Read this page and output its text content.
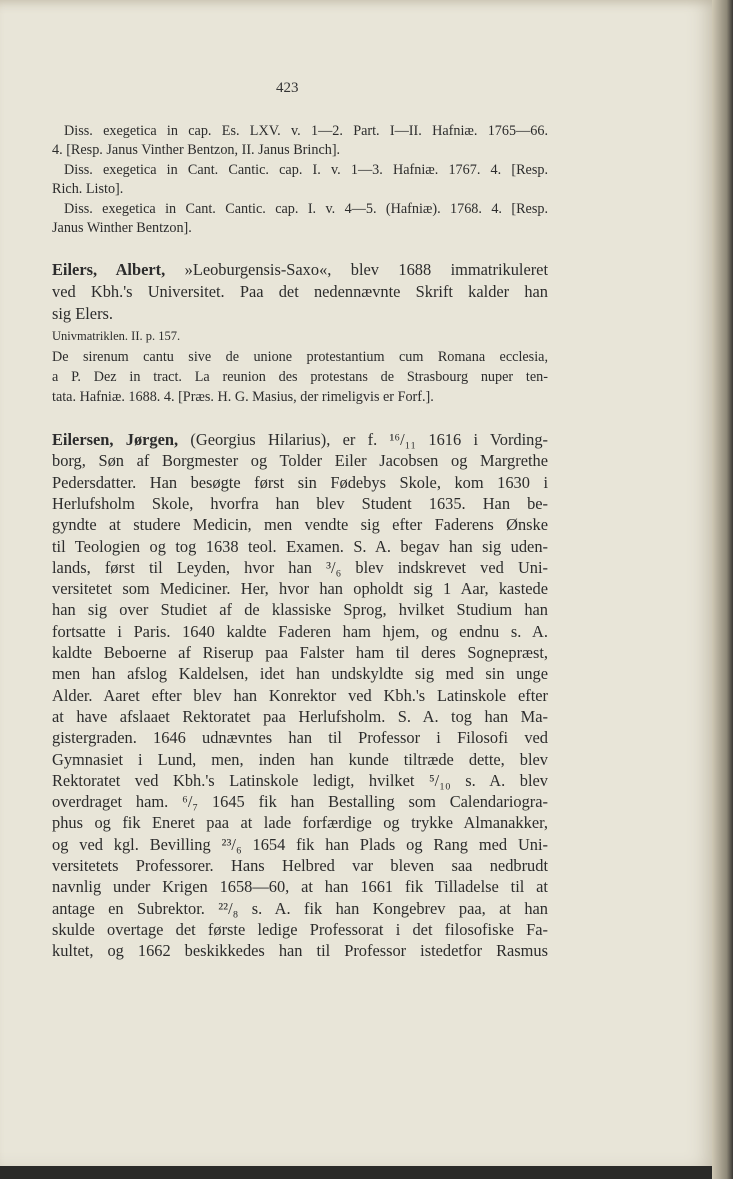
423
Diss. exegetica in cap. Es. LXV. v. 1—2. Part. I—II. Hafniæ. 1765—66.
4. [Resp. Janus Vinther Bentzon, II. Janus Brinch].
Diss. exegetica in Cant. Cantic. cap. I. v. 1—3. Hafniæ. 1767. 4. [Resp.
Rich. Listo].
Diss. exegetica in Cant. Cantic. cap. I. v. 4—5. (Hafniæ). 1768. 4. [Resp.
Janus Winther Bentzon].
Eilers, Albert, »Leoburgensis-Saxo«, blev 1688 immatrikuleret
ved Kbh.'s Universitet. Paa det nedennævnte Skrift kalder han
sig Elers.
Univmatriklen. II. p. 157.
De sirenum cantu sive de unione protestantium cum Romana ecclesia,
a P. Dez in tract. La reunion des protestans de Strasbourg nuper ten-
tata. Hafniæ. 1688. 4. [Præs. H. G. Masius, der rimeligvis er Forf.].
Eilersen, Jørgen, (Georgius Hilarius), er f. ¹⁶/₁₁ 1616 i Vording-
borg, Søn af Borgmester og Tolder Eiler Jacobsen og Margrethe
Pedersdatter. Han besøgte først sin Fødebys Skole, kom 1630 i
Herlufsholm Skole, hvorfra han blev Student 1635. Han be-
gyndte at studere Medicin, men vendte sig efter Faderens Ønske
til Teologien og tog 1638 teol. Examen. S. A. begav han sig uden-
lands, først til Leyden, hvor han ³/₆ blev indskrevet ved Uni-
versitetet som Mediciner. Her, hvor han opholdt sig 1 Aar, kastede
han sig over Studiet af de klassiske Sprog, hvilket Studium han
fortsatte i Paris. 1640 kaldte Faderen ham hjem, og endnu s. A.
kaldte Beboerne af Riserup paa Falster ham til deres Sognepræst,
men han afslog Kaldelsen, idet han undskyldte sig med sin unge
Alder. Aaret efter blev han Konrektor ved Kbh.'s Latinskole efter
at have afslaaet Rektoratet paa Herlufsholm. S. A. tog han Ma-
gistergraden. 1646 udnævntes han til Professor i Filosofi ved
Gymnasiet i Lund, men, inden han kunde tiltræde dette, blev
Rektoratet ved Kbh.'s Latinskole ledigt, hvilket ⁵/₁₀ s. A. blev
overdraget ham. ⁶/₇ 1645 fik han Bestalling som Calendariogra-
phus og fik Eneret paa at lade forfærdige og trykke Almanakker,
og ved kgl. Bevilling ²³/₆ 1654 fik han Plads og Rang med Uni-
versitetets Professorer. Hans Helbred var bleven saa nedbrudt
navnlig under Krigen 1658—60, at han 1661 fik Tilladelse til at
antage en Subrektor. ²²/₈ s. A. fik han Kongebrev paa, at han
skulde overtage det første ledige Professorat i det filosofiske Fa-
kultet, og 1662 beskikkedes han til Professor istedetfor Rasmus
